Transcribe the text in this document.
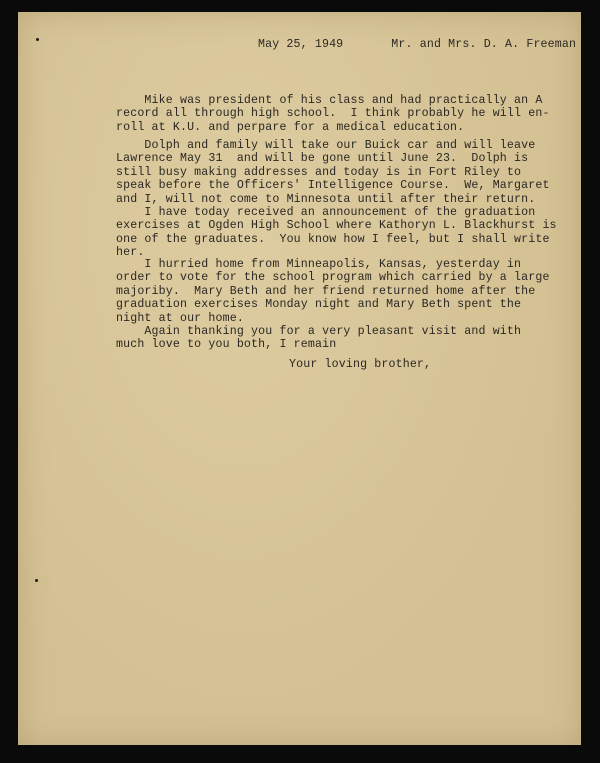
May 25, 1949	Mr. and Mrs. D. A. Freeman
Mike was president of his class and had practically an A
record all through high school.  I think probably he will en-
roll at K.U. and perpare for a medical education.
Dolph and family will take our Buick car and will leave
Lawrence May 31  and will be gone until June 23.  Dolph is
still busy making addresses and today is in Fort Riley to
speak before the Officers' Intelligence Course.  We, Margaret
and I, will not come to Minnesota until after their return.
I have today received an announcement of the graduation
exercises at Ogden High School where Kathoryn L. Blackhurst is
one of the graduates.  You know how I feel, but I shall write
her.
I hurried home from Minneapolis, Kansas, yesterday in
order to vote for the school program which carried by a large
majoriby.  Mary Beth and her friend returned home after the
graduation exercises Monday night and Mary Beth spent the
night at our home.
Again thanking you for a very pleasant visit and with
much love to you both, I remain
Your loving brother,
